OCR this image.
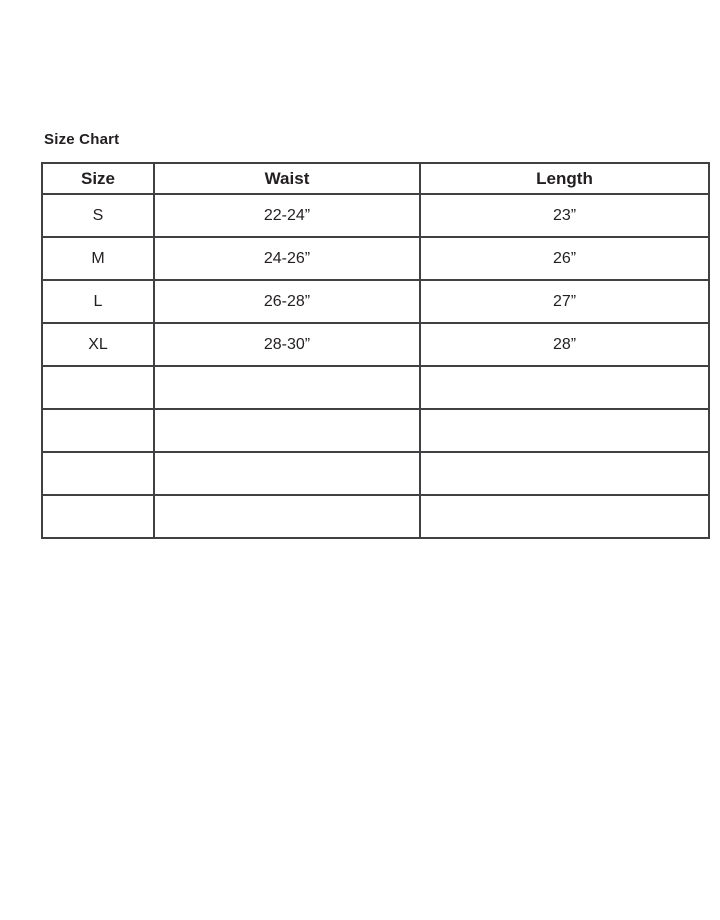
Size Chart
Size	Waist	Length
S	22-24”	23”
M	24-26”	26”
L	26-28”	27”
XL	28-30”	28”
